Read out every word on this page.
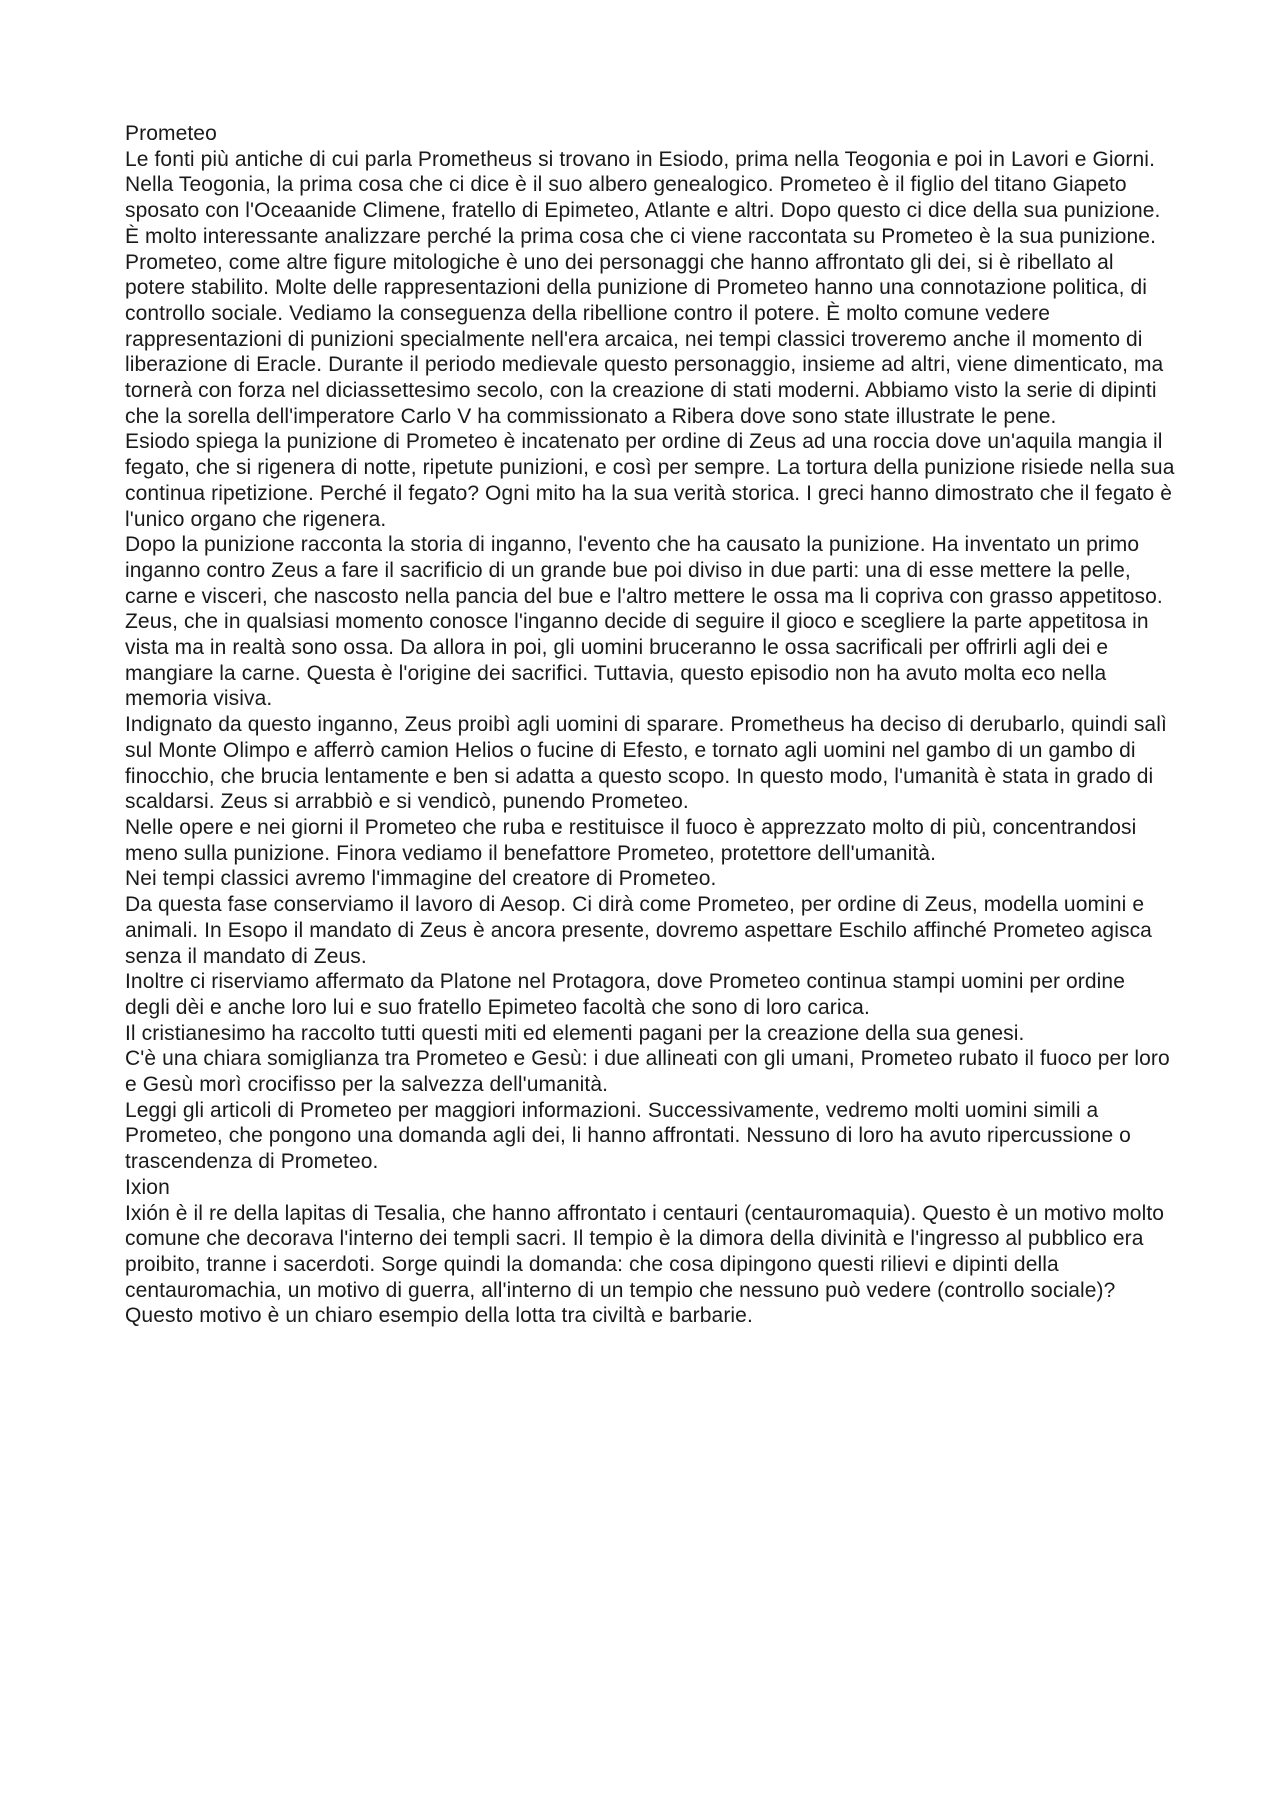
Prometeo

Le fonti più antiche di cui parla Prometheus si trovano in Esiodo, prima nella Teogonia e poi in Lavori e Giorni.

Nella Teogonia, la prima cosa che ci dice è il suo albero genealogico. Prometeo è il figlio del titano Giapeto sposato con l'Oceaanide Climene, fratello di Epimeteo, Atlante e altri. Dopo questo ci dice della sua punizione. È molto interessante analizzare perché la prima cosa che ci viene raccontata su Prometeo è la sua punizione. Prometeo, come altre figure mitologiche è uno dei personaggi che hanno affrontato gli dei, si è ribellato al potere stabilito. Molte delle rappresentazioni della punizione di Prometeo hanno una connotazione politica, di controllo sociale. Vediamo la conseguenza della ribellione contro il potere. È molto comune vedere rappresentazioni di punizioni specialmente nell'era arcaica, nei tempi classici troveremo anche il momento di liberazione di Eracle. Durante il periodo medievale questo personaggio, insieme ad altri, viene dimenticato, ma tornerà con forza nel diciassettesimo secolo, con la creazione di stati moderni. Abbiamo visto la serie di dipinti che la sorella dell'imperatore Carlo V ha commissionato a Ribera dove sono state illustrate le pene.

Esiodo spiega la punizione di Prometeo è incatenato per ordine di Zeus ad una roccia dove un'aquila mangia il fegato, che si rigenera di notte, ripetute punizioni, e così per sempre. La tortura della punizione risiede nella sua continua ripetizione. Perché il fegato? Ogni mito ha la sua verità storica. I greci hanno dimostrato che il fegato è l'unico organo che rigenera.

Dopo la punizione racconta la storia di inganno, l'evento che ha causato la punizione. Ha inventato un primo inganno contro Zeus a fare il sacrificio di un grande bue poi diviso in due parti: una di esse mettere la pelle, carne e visceri, che nascosto nella pancia del bue e l'altro mettere le ossa ma li copriva con grasso appetitoso. Zeus, che in qualsiasi momento conosce l'inganno decide di seguire il gioco e scegliere la parte appetitosa in vista ma in realtà sono ossa. Da allora in poi, gli uomini bruceranno le ossa sacrificali per offrirli agli dei e mangiare la carne. Questa è l'origine dei sacrifici. Tuttavia, questo episodio non ha avuto molta eco nella memoria visiva.

Indignato da questo inganno, Zeus proibì agli uomini di sparare. Prometheus ha deciso di derubarlo, quindi salì sul Monte Olimpo e afferrò camion Helios o fucine di Efesto, e tornato agli uomini nel gambo di un gambo di finocchio, che brucia lentamente e ben si adatta a questo scopo. In questo modo, l'umanità è stata in grado di scaldarsi. Zeus si arrabbiò e si vendicò, punendo Prometeo.

Nelle opere e nei giorni il Prometeo che ruba e restituisce il fuoco è apprezzato molto di più, concentrandosi meno sulla punizione. Finora vediamo il benefattore Prometeo, protettore dell'umanità.

Nei tempi classici avremo l'immagine del creatore di Prometeo.

Da questa fase conserviamo il lavoro di Aesop. Ci dirà come Prometeo, per ordine di Zeus, modella uomini e animali. In Esopo il mandato di Zeus è ancora presente, dovremo aspettare Eschilo affinché Prometeo agisca senza il mandato di Zeus.

Inoltre ci riserviamo affermato da Platone nel Protagora, dove Prometeo continua stampi uomini per ordine degli dèi e anche loro lui e suo fratello Epimeteo facoltà che sono di loro carica.

Il cristianesimo ha raccolto tutti questi miti ed elementi pagani per la creazione della sua genesi.

C'è una chiara somiglianza tra Prometeo e Gesù: i due allineati con gli umani, Prometeo rubato il fuoco per loro e Gesù morì crocifisso per la salvezza dell'umanità.

Leggi gli articoli di Prometeo per maggiori informazioni. Successivamente, vedremo molti uomini simili a Prometeo, che pongono una domanda agli dei, li hanno affrontati. Nessuno di loro ha avuto ripercussione o trascendenza di Prometeo.

Ixion

Ixión è il re della lapitas di Tesalia, che hanno affrontato i centauri (centauromaquia). Questo è un motivo molto comune che decorava l'interno dei templi sacri. Il tempio è la dimora della divinità e l'ingresso al pubblico era proibito, tranne i sacerdoti. Sorge quindi la domanda: che cosa dipingono questi rilievi e dipinti della centauromachia, un motivo di guerra, all'interno di un tempio che nessuno può vedere (controllo sociale)? Questo motivo è un chiaro esempio della lotta tra civiltà e barbarie.
